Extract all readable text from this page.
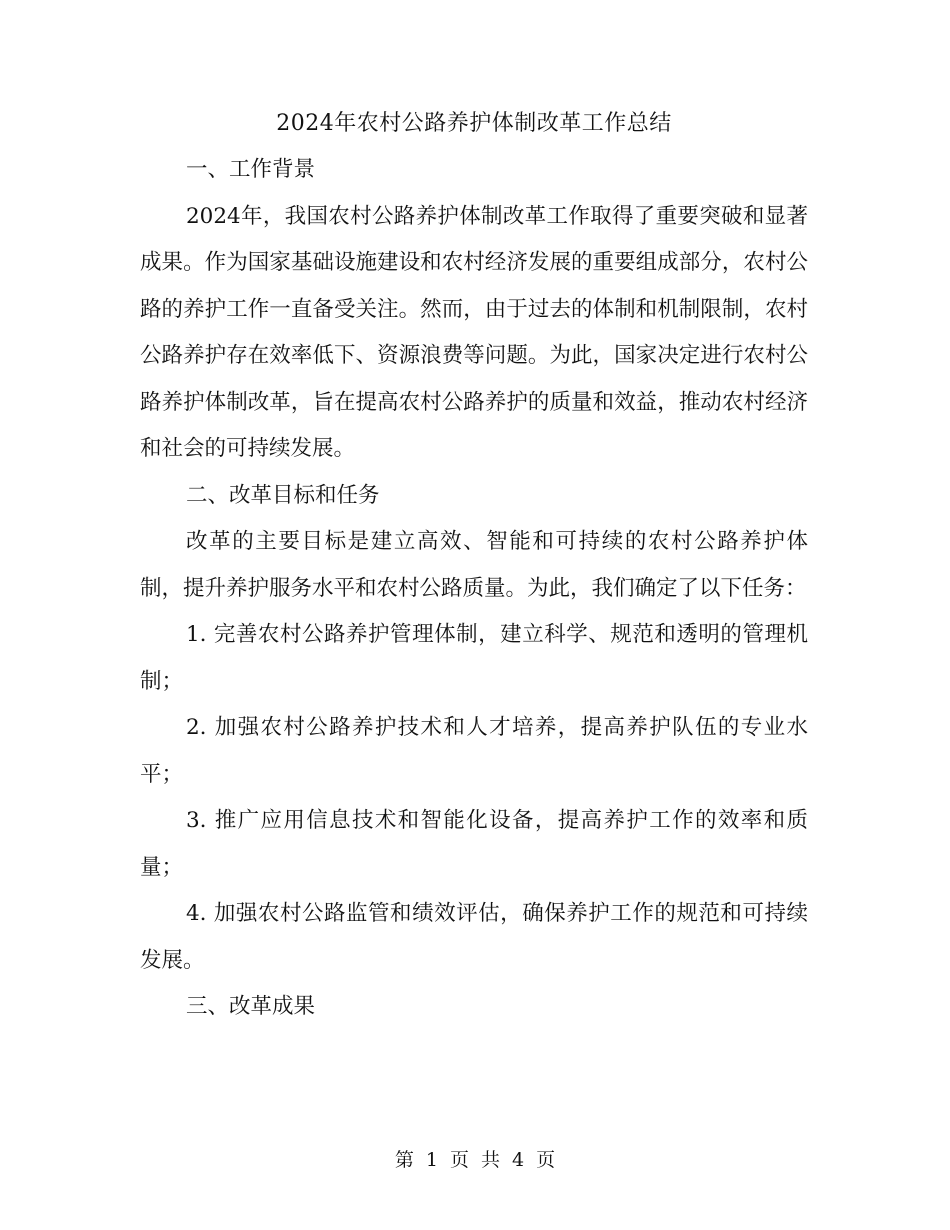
2024年农村公路养护体制改革工作总结

一、工作背景

2024年，我国农村公路养护体制改革工作取得了重要突破和显著成果。作为国家基础设施建设和农村经济发展的重要组成部分，农村公路的养护工作一直备受关注。然而，由于过去的体制和机制限制，农村公路养护存在效率低下、资源浪费等问题。为此，国家决定进行农村公路养护体制改革，旨在提高农村公路养护的质量和效益，推动农村经济和社会的可持续发展。

二、改革目标和任务

改革的主要目标是建立高效、智能和可持续的农村公路养护体制，提升养护服务水平和农村公路质量。为此，我们确定了以下任务：

1. 完善农村公路养护管理体制，建立科学、规范和透明的管理机制；

2. 加强农村公路养护技术和人才培养，提高养护队伍的专业水平；

3. 推广应用信息技术和智能化设备，提高养护工作的效率和质量；

4. 加强农村公路监管和绩效评估，确保养护工作的规范和可持续发展。

三、改革成果

第 1 页 共 4 页
